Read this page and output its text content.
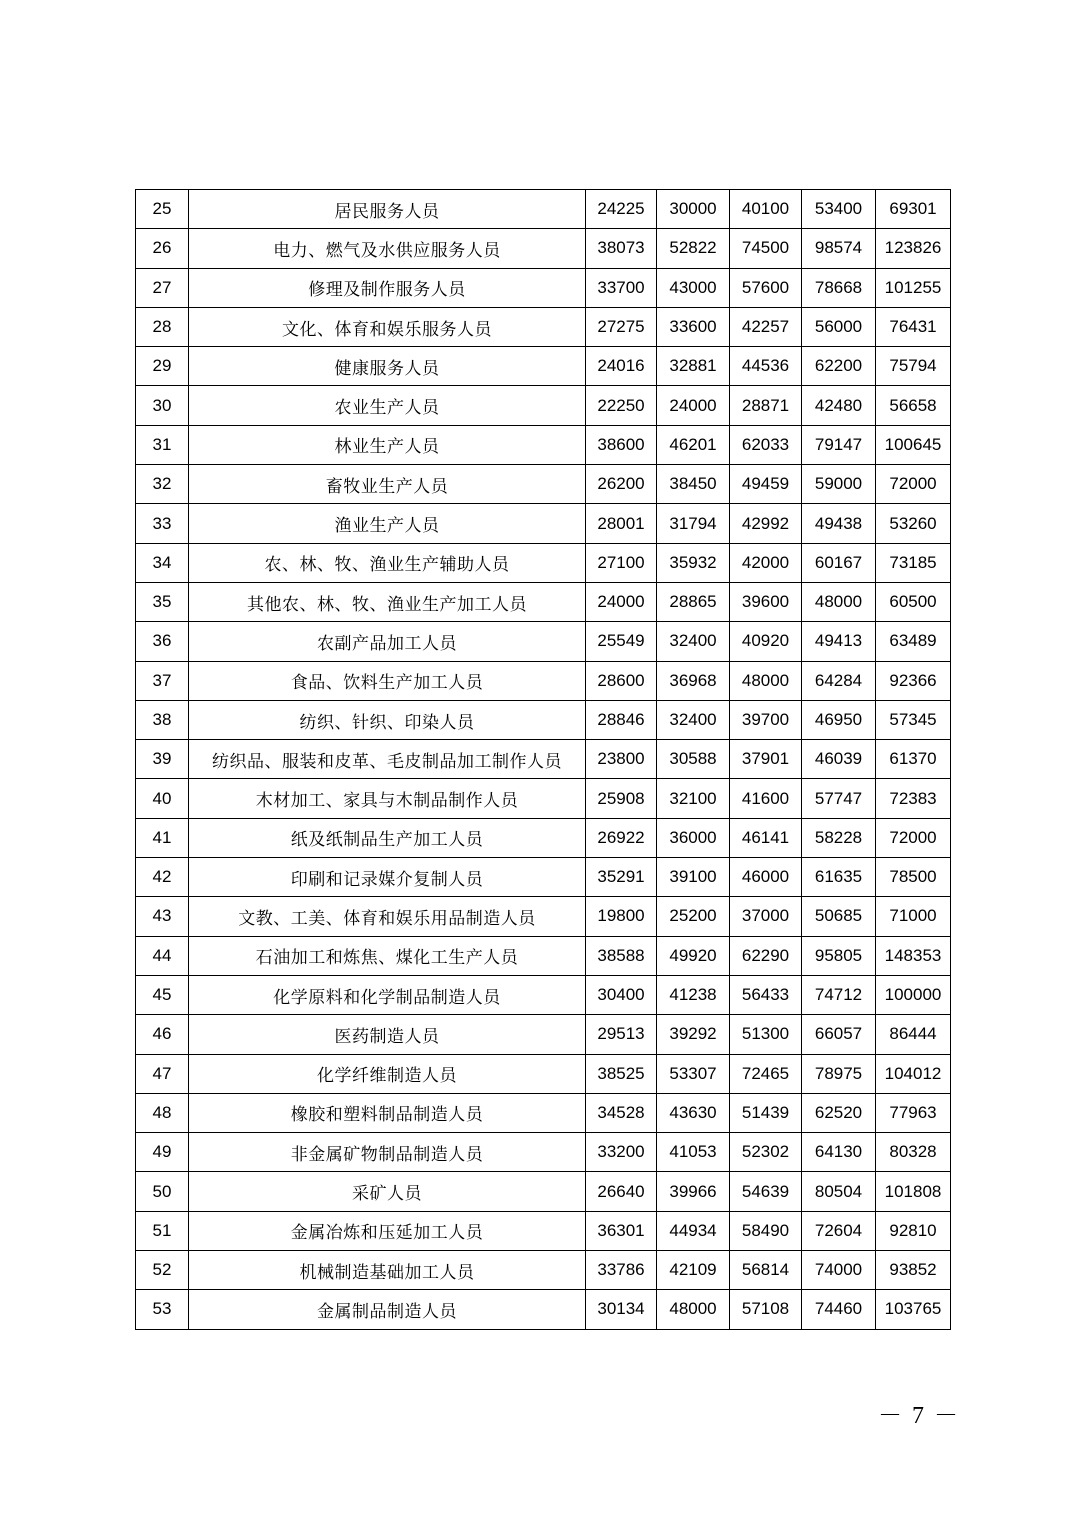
25	居民服务人员	24225	30000	40100	53400	69301
26	电力、燃气及水供应服务人员	38073	52822	74500	98574	123826
27	修理及制作服务人员	33700	43000	57600	78668	101255
28	文化、体育和娱乐服务人员	27275	33600	42257	56000	76431
29	健康服务人员	24016	32881	44536	62200	75794
30	农业生产人员	22250	24000	28871	42480	56658
31	林业生产人员	38600	46201	62033	79147	100645
32	畜牧业生产人员	26200	38450	49459	59000	72000
33	渔业生产人员	28001	31794	42992	49438	53260
34	农、林、牧、渔业生产辅助人员	27100	35932	42000	60167	73185
35	其他农、林、牧、渔业生产加工人员	24000	28865	39600	48000	60500
36	农副产品加工人员	25549	32400	40920	49413	63489
37	食品、饮料生产加工人员	28600	36968	48000	64284	92366
38	纺织、针织、印染人员	28846	32400	39700	46950	57345
39	纺织品、服装和皮革、毛皮制品加工制作人员	23800	30588	37901	46039	61370
40	木材加工、家具与木制品制作人员	25908	32100	41600	57747	72383
41	纸及纸制品生产加工人员	26922	36000	46141	58228	72000
42	印刷和记录媒介复制人员	35291	39100	46000	61635	78500
43	文教、工美、体育和娱乐用品制造人员	19800	25200	37000	50685	71000
44	石油加工和炼焦、煤化工生产人员	38588	49920	62290	95805	148353
45	化学原料和化学制品制造人员	30400	41238	56433	74712	100000
46	医药制造人员	29513	39292	51300	66057	86444
47	化学纤维制造人员	38525	53307	72465	78975	104012
48	橡胶和塑料制品制造人员	34528	43630	51439	62520	77963
49	非金属矿物制品制造人员	33200	41053	52302	64130	80328
50	采矿人员	26640	39966	54639	80504	101808
51	金属冶炼和压延加工人员	36301	44934	58490	72604	92810
52	机械制造基础加工人员	33786	42109	56814	74000	93852
53	金属制品制造人员	30134	48000	57108	74460	103765
－ 7 －
